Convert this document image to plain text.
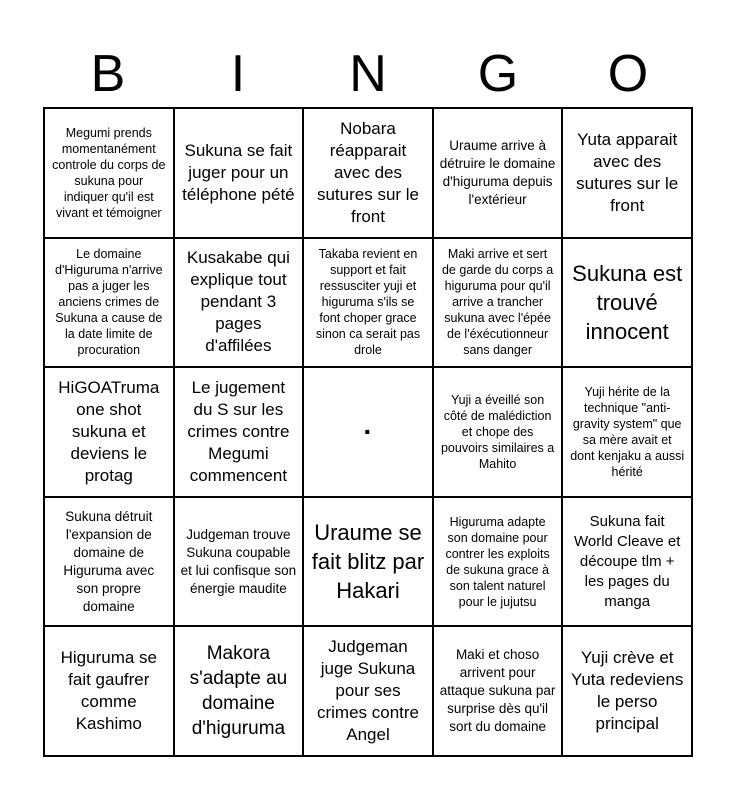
B	I	N	G	O
Megumi prends momentanément controle du corps de sukuna pour indiquer qu'il est vivant et témoigner
Sukuna se fait juger pour un téléphone pété
Nobara réapparait avec des sutures sur le front
Uraume arrive à détruire le domaine d'higuruma depuis l'extérieur
Yuta apparait avec des sutures sur le front
Le domaine d'Higuruma n'arrive pas a juger les anciens crimes de Sukuna a cause de la date limite de procuration
Kusakabe qui explique tout pendant 3 pages d'affilées
Takaba revient en support et fait ressusciter yuji et higuruma s'ils se font choper grace sinon ca serait pas drole
Maki arrive et sert de garde du corps a higuruma pour qu'il arrive a trancher sukuna avec l'épée de l'éxécutionneur sans danger
Sukuna est trouvé innocent
HiGOATruma one shot sukuna et deviens le protag
Le jugement du S sur les crimes contre Megumi commencent
·
Yuji a éveillé son côté de malédiction et chope des pouvoirs similaires a Mahito
Yuji hérite de la technique "anti-gravity system" que sa mère avait et dont kenjaku a aussi hérité
Sukuna détruit l'expansion de domaine de Higuruma avec son propre domaine
Judgeman trouve Sukuna coupable et lui confisque son énergie maudite
Uraume se fait blitz par Hakari
Higuruma adapte son domaine pour contrer les exploits de sukuna grace à son talent naturel pour le jujutsu
Sukuna fait World Cleave et découpe tlm + les pages du manga
Higuruma se fait gaufrer comme Kashimo
Makora s'adapte au domaine d'higuruma
Judgeman juge Sukuna pour ses crimes contre Angel
Maki et choso arrivent pour attaque sukuna par surprise dès qu'il sort du domaine
Yuji crève et Yuta redeviens le perso principal
